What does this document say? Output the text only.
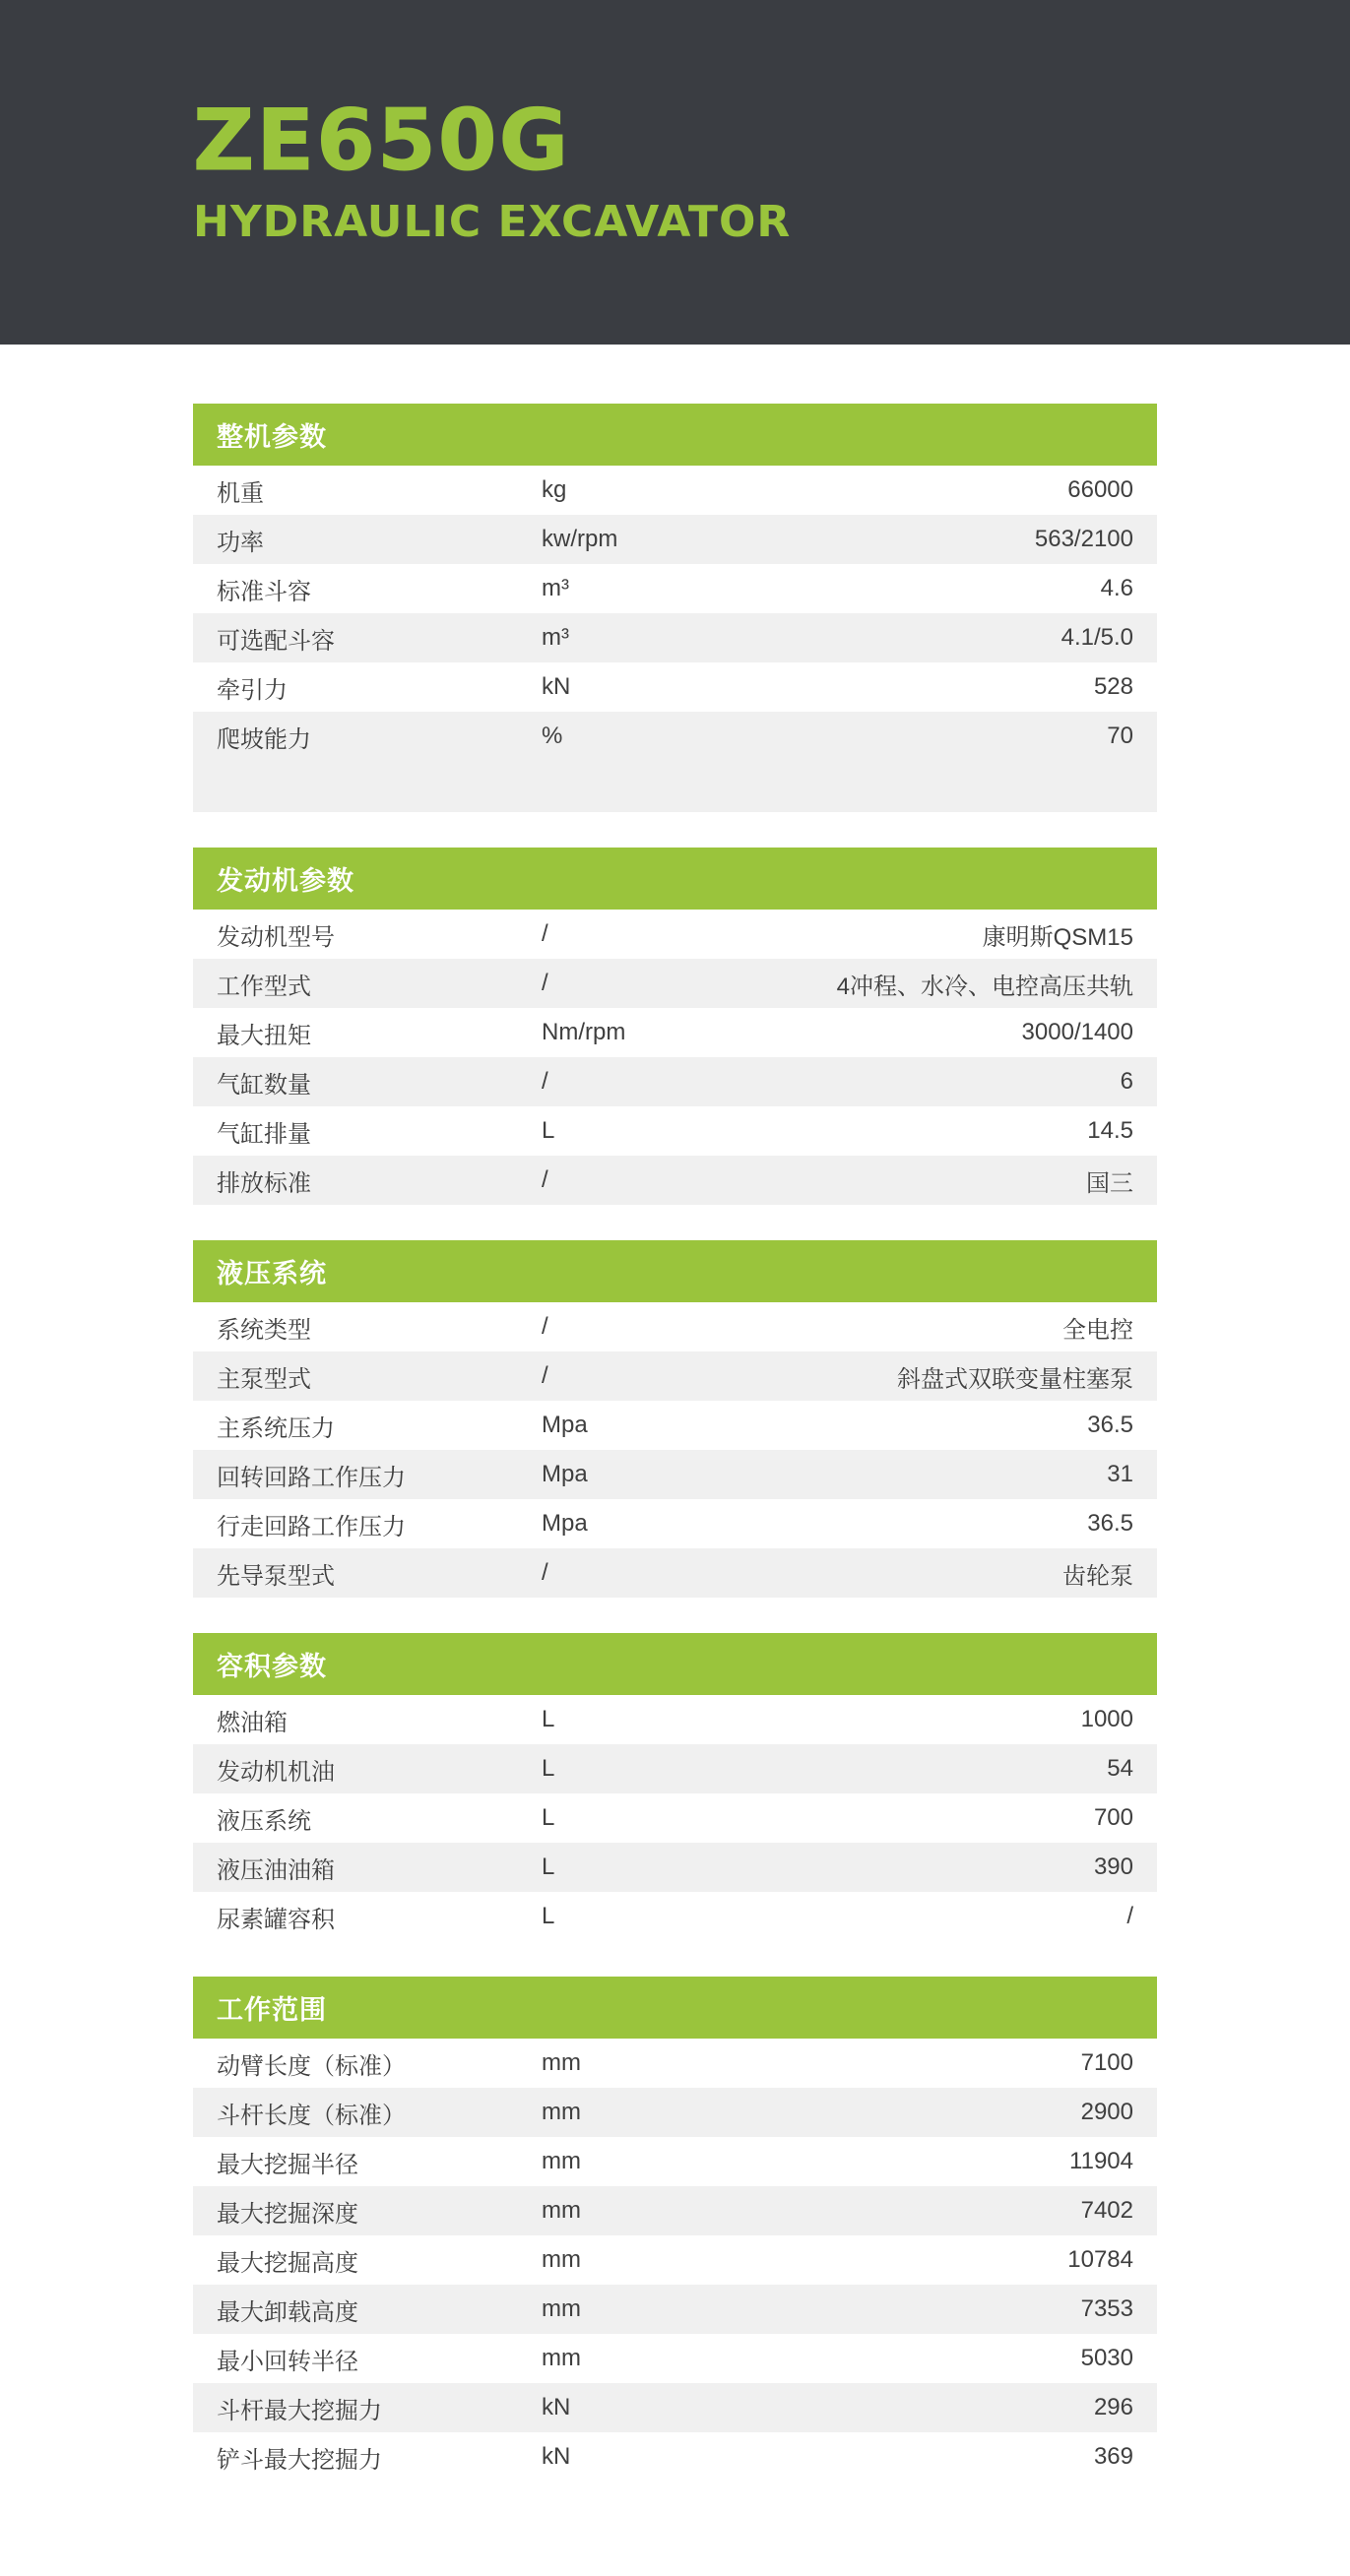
ZE650G
HYDRAULIC EXCAVATOR
整机参数
机重	kg	66000
功率	kw/rpm	563/2100
标准斗容	m³	4.6
可选配斗容	m³	4.1/5.0
牵引力	kN	528
爬坡能力	%	70
发动机参数
发动机型号	/	康明斯QSM15
工作型式	/	4冲程、水冷、电控高压共轨
最大扭矩	Nm/rpm	3000/1400
气缸数量	/	6
气缸排量	L	14.5
排放标准	/	国三
液压系统
系统类型	/	全电控
主泵型式	/	斜盘式双联变量柱塞泵
主系统压力	Mpa	36.5
回转回路工作压力	Mpa	31
行走回路工作压力	Mpa	36.5
先导泵型式	/	齿轮泵
容积参数
燃油箱	L	1000
发动机机油	L	54
液压系统	L	700
液压油油箱	L	390
尿素罐容积	L	/
工作范围
动臂长度（标准）	mm	7100
斗杆长度（标准）	mm	2900
最大挖掘半径	mm	11904
最大挖掘深度	mm	7402
最大挖掘高度	mm	10784
最大卸载高度	mm	7353
最小回转半径	mm	5030
斗杆最大挖掘力	kN	296
铲斗最大挖掘力	kN	369
